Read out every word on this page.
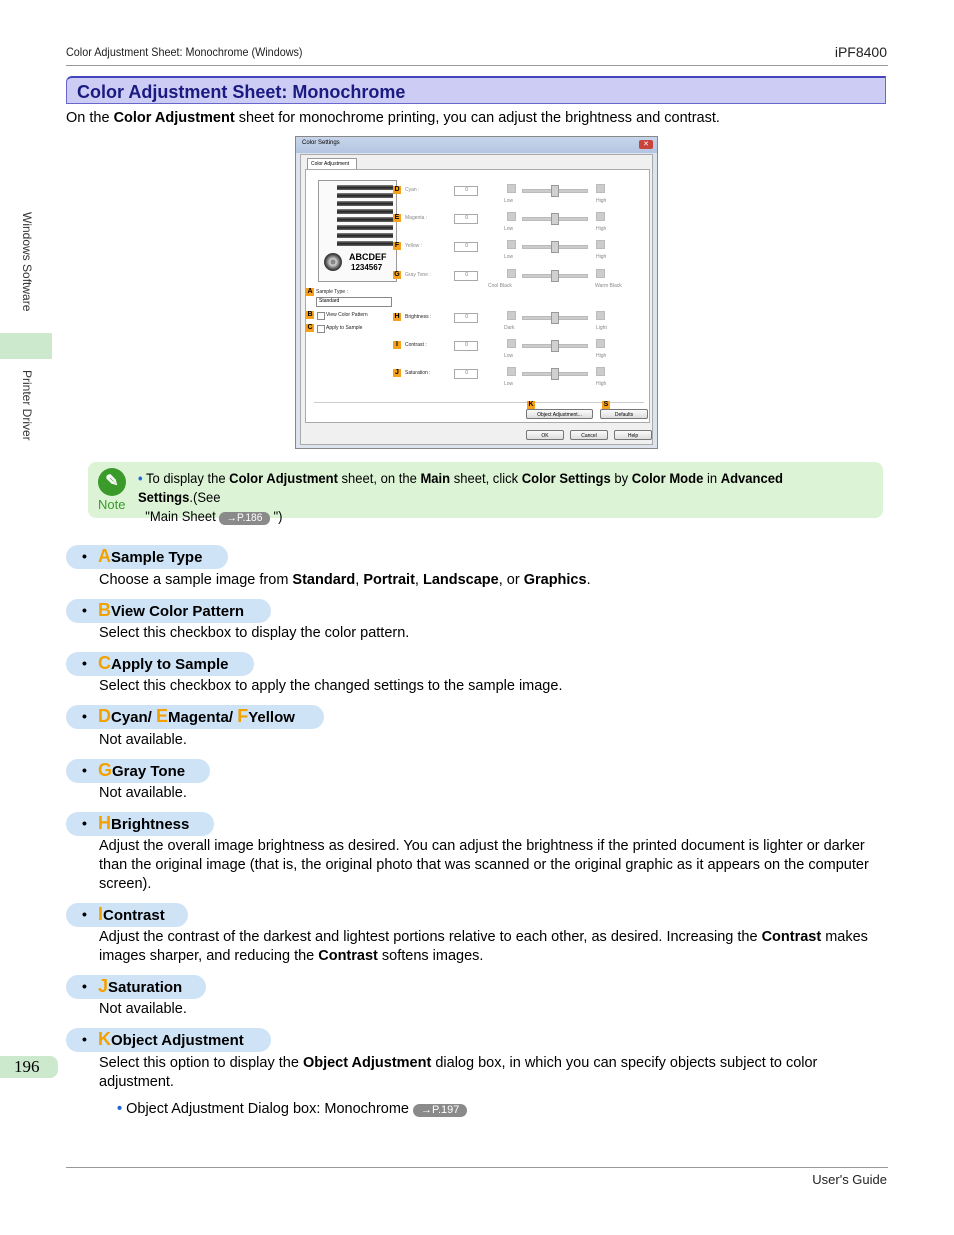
Color Adjustment Sheet: Monochrome (Windows)	iPF8400
Color Adjustment Sheet: Monochrome
On the Color Adjustment sheet for monochrome printing, you can adjust the brightness and contrast.
Windows Software
Printer Driver
Color Settings	✕
Color Adjustment
ABCDEF
1234567
A Sample Type :
Standard
B	View Color Pattern
C	Apply to Sample
K	S
Object Adjustment...	Defaults
D Cyan :	0
Low	High
E	Magenta :	0
Low	High
F	Yellow :	0
Low	High
G Gray Tone :	0
Cool Black	Warm Black
H Brightness :	0
Dark	Light
I	Contrast :	0
Low	High
J	Saturation :	0
Low	High
OK	Cancel	Help
✎
Note
• To display the Color Adjustment sheet, on the Main sheet, click Color Settings by Color Mode in Advanced Settings.(See
"Main Sheet →P.186 ")
• ASample Type
Choose a sample image from Standard, Portrait, Landscape, or Graphics.
• BView Color Pattern
Select this checkbox to display the color pattern.
• CApply to Sample
Select this checkbox to apply the changed settings to the sample image.
• DCyan/ EMagenta/ FYellow
Not available.
• GGray Tone
Not available.
• HBrightness
Adjust the overall image brightness as desired. You can adjust the brightness if the printed document is lighter or darker than the original image (that is, the original photo that was scanned or the original graphic as it appears on the computer screen).
• IContrast
Adjust the contrast of the darkest and lightest portions relative to each other, as desired. Increasing the Contrast makes images sharper, and reducing the Contrast softens images.
• JSaturation
Not available.
• KObject Adjustment
Select this option to display the Object Adjustment dialog box, in which you can specify objects subject to color adjustment.
• Object Adjustment Dialog box: Monochrome →P.197
196
User's Guide
